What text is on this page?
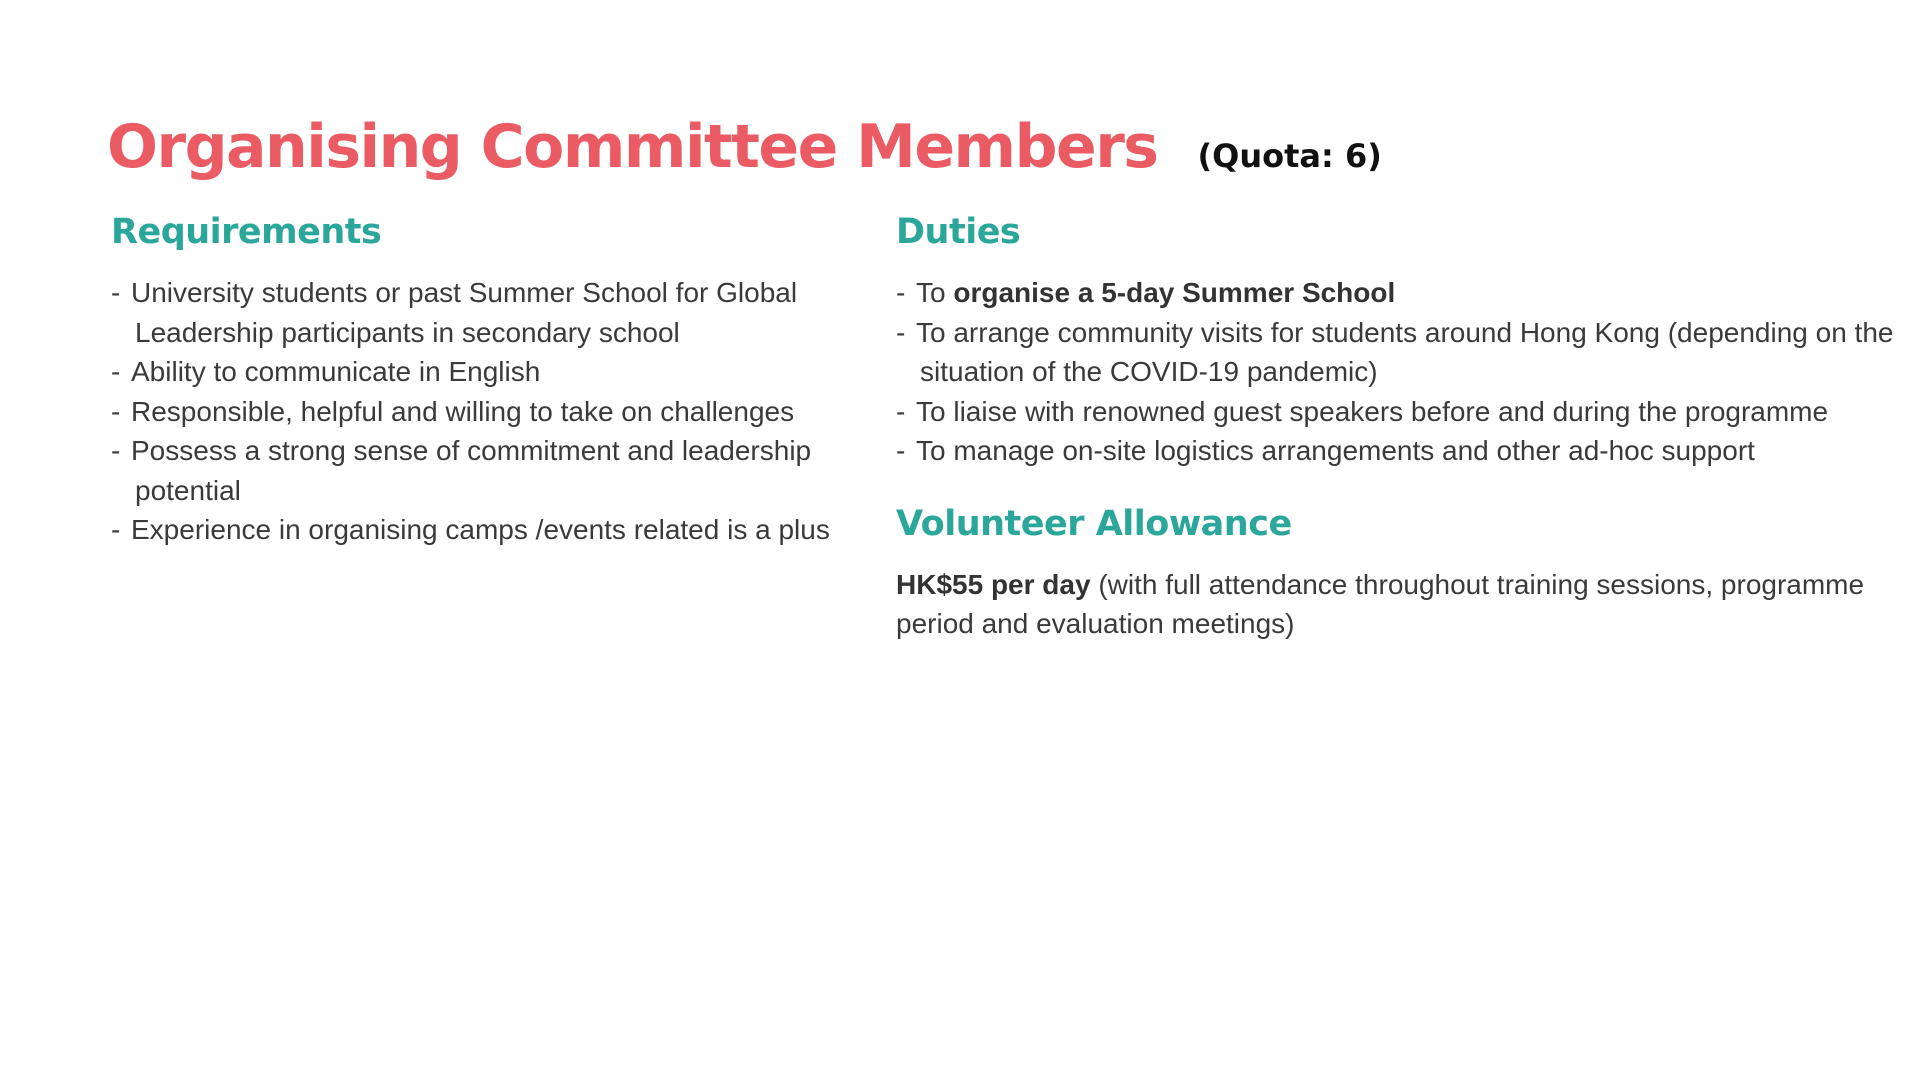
Organising Committee Members (Quota: 6)
Requirements
- University students or past Summer School for Global Leadership participants in secondary school
- Ability to communicate in English
- Responsible, helpful and willing to take on challenges
- Possess a strong sense of commitment and leadership potential
- Experience in organising camps /events related is a plus
Duties
- To organise a 5-day Summer School
- To arrange community visits for students around Hong Kong (depending on the situation of the COVID-19 pandemic)
- To liaise with renowned guest speakers before and during the programme
- To manage on-site logistics arrangements and other ad-hoc support
Volunteer Allowance
HK$55 per day (with full attendance throughout training sessions, programme period and evaluation meetings)
